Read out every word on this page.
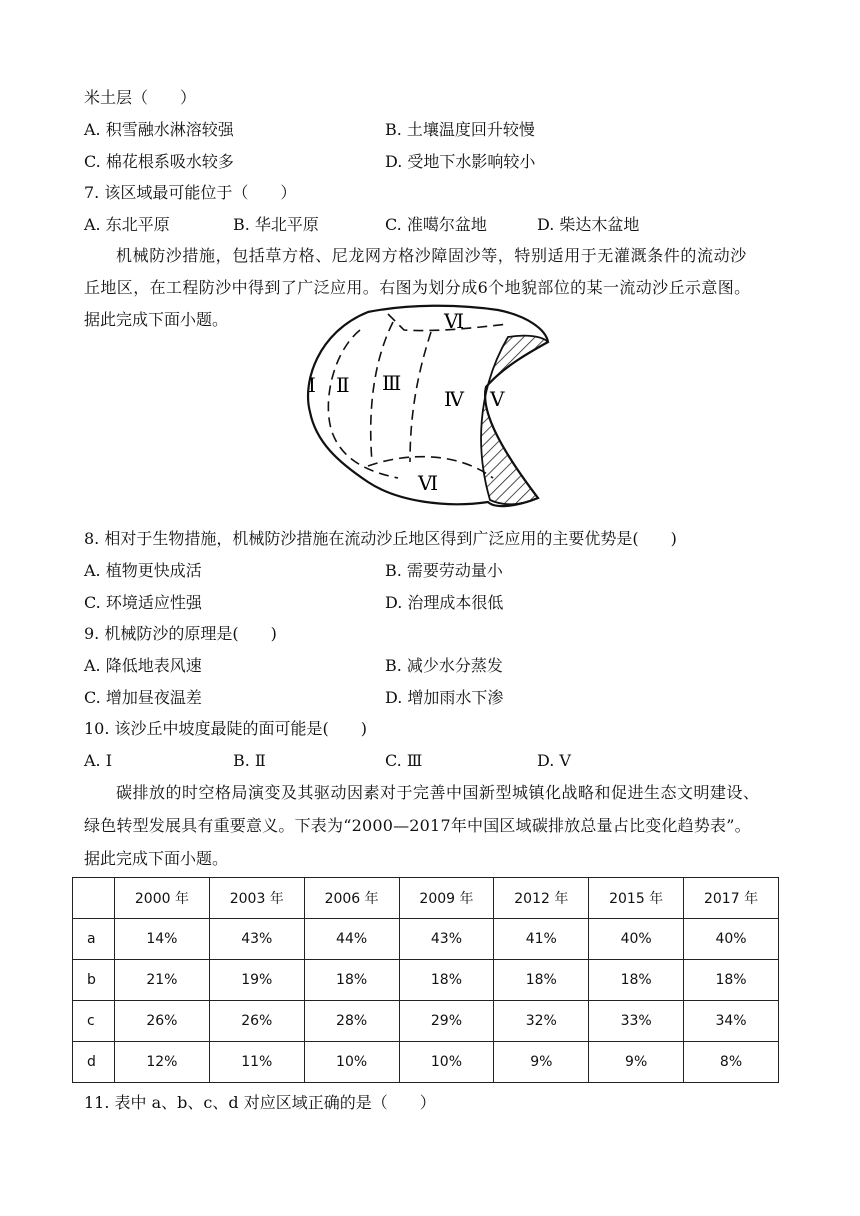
米土层（　　）
A. 积雪融水淋溶较强	B. 土壤温度回升较慢
C. 棉花根系吸水较多	D. 受地下水影响较小
7. 该区域最可能位于（　　）
A. 东北平原	B. 华北平原	C. 准噶尔盆地	D. 柴达木盆地
机械防沙措施，包括草方格、尼龙网方格沙障固沙等，特别适用于无灌溉条件的流动沙
丘地区，在工程防沙中得到了广泛应用。右图为划分成6个地貌部位的某一流动沙丘示意图。
据此完成下面小题。
Ⅰ Ⅱ Ⅲ
Ⅳ Ⅴ
Ⅵ
Ⅵ
8. 相对于生物措施，机械防沙措施在流动沙丘地区得到广泛应用的主要优势是(　　)
A. 植物更快成活	B. 需要劳动量小
C. 环境适应性强	D. 治理成本很低
9. 机械防沙的原理是(　　)
A. 降低地表风速	B. 减少水分蒸发
C. 增加昼夜温差	D. 增加雨水下渗
10. 该沙丘中坡度最陡的面可能是(　　)
A. Ⅰ	B. Ⅱ	C. Ⅲ	D. Ⅴ
碳排放的时空格局演变及其驱动因素对于完善中国新型城镇化战略和促进生态文明建设、
绿色转型发展具有重要意义。下表为“2000—2017年中国区域碳排放总量占比变化趋势表”。
据此完成下面小题。
	2000 年	2003 年	2006 年	2009 年	2012 年	2015 年	2017 年
a	14%	43%	44%	43%	41%	40%	40%
b	21%	19%	18%	18%	18%	18%	18%
c	26%	26%	28%	29%	32%	33%	34%
d	12%	11%	10%	10%	9%	9%	8%
11. 表中 a、b、c、d 对应区域正确的是（　　）
